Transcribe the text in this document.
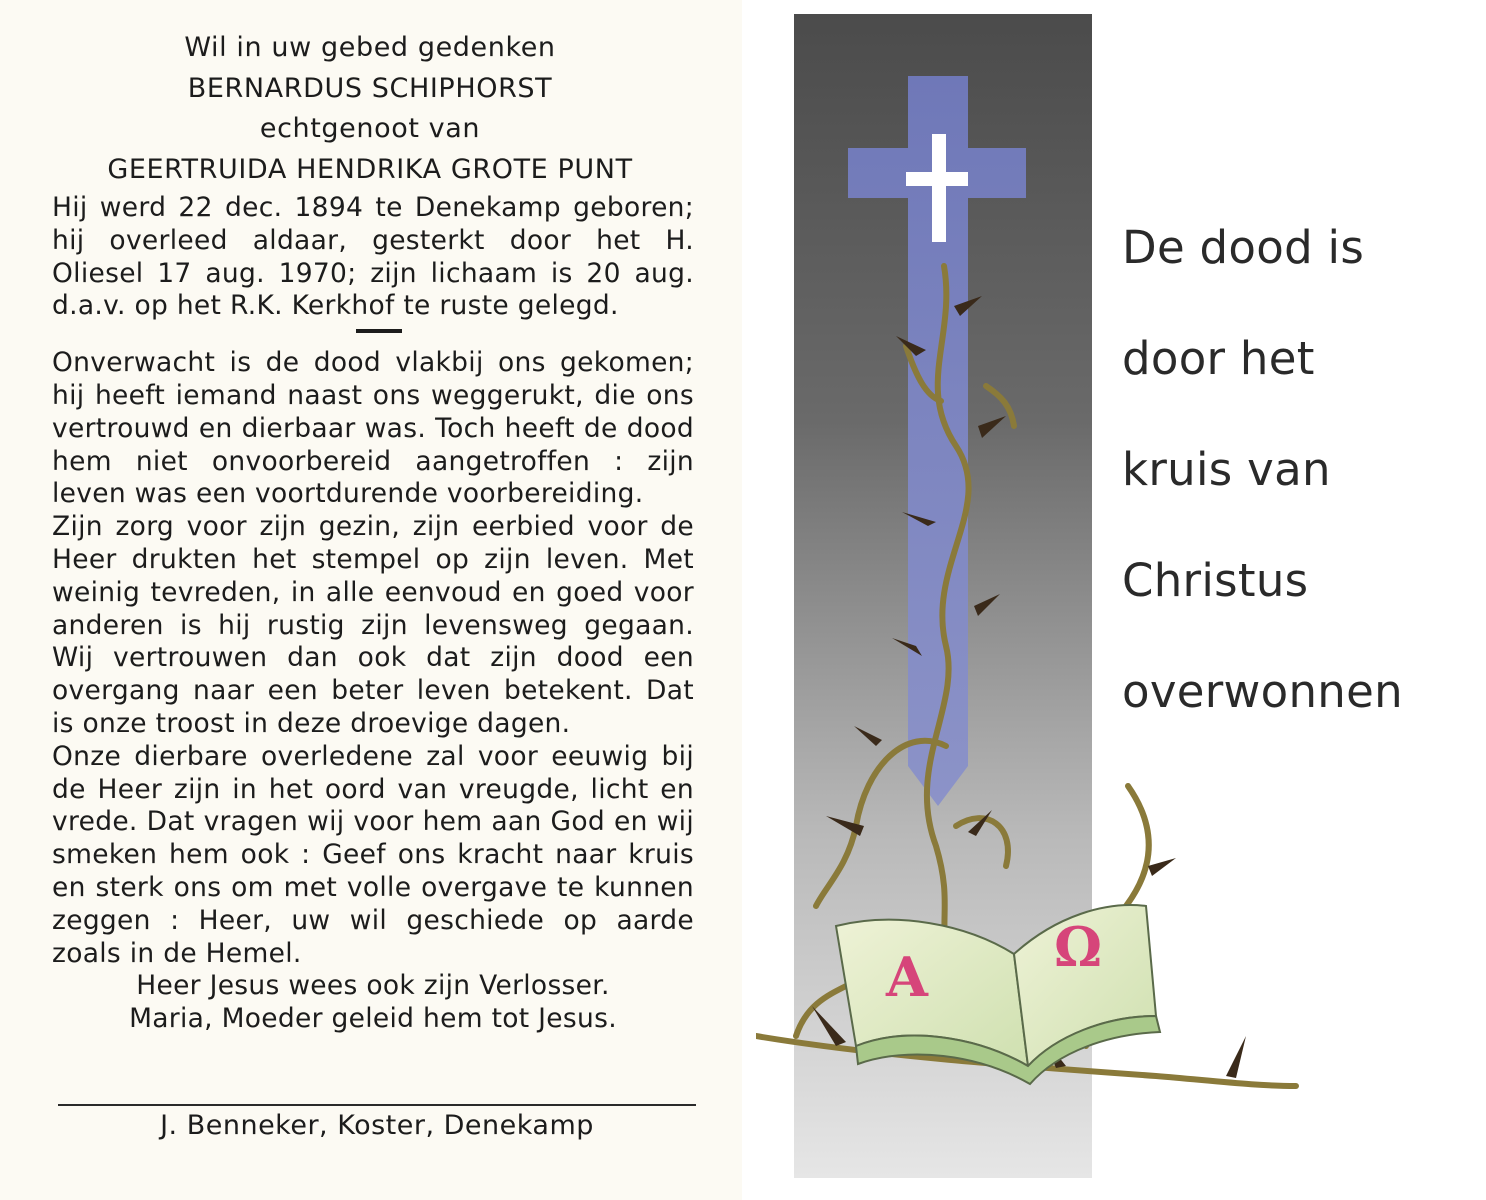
Wil in uw gebed gedenken
BERNARDUS SCHIPHORST
echtgenoot van
GEERTRUIDA HENDRIKA GROTE PUNT

Hij werd 22 dec. 1894 te Denekamp geboren; hij overleed aldaar, gesterkt door het H. Oliesel 17 aug. 1970; zijn lichaam is 20 aug. d.a.v. op het R.K. Kerkhof te ruste gelegd.

Onverwacht is de dood vlakbij ons gekomen; hij heeft iemand naast ons weggerukt, die ons vertrouwd en dierbaar was. Toch heeft de dood hem niet onvoorbereid aangetroffen : zijn leven was een voortdurende voorbereiding.

Zijn zorg voor zijn gezin, zijn eerbied voor de Heer drukten het stempel op zijn leven. Met weinig tevreden, in alle eenvoud en goed voor anderen is hij rustig zijn levensweg gegaan. Wij vertrouwen dan ook dat zijn dood een overgang naar een beter leven betekent. Dat is onze troost in deze droevige dagen.

Onze dierbare overledene zal voor eeuwig bij de Heer zijn in het oord van vreugde, licht en vrede. Dat vragen wij voor hem aan God en wij smeken hem ook : Geef ons kracht naar kruis en sterk ons om met volle overgave te kunnen zeggen : Heer, uw wil geschiede op aarde zoals in de Hemel.

Heer Jesus wees ook zijn Verlosser.
Maria, Moeder geleid hem tot Jesus.
J. Benneker, Koster, Denekamp
A Ω
De dood is
door het
kruis van
Christus
overwonnen
